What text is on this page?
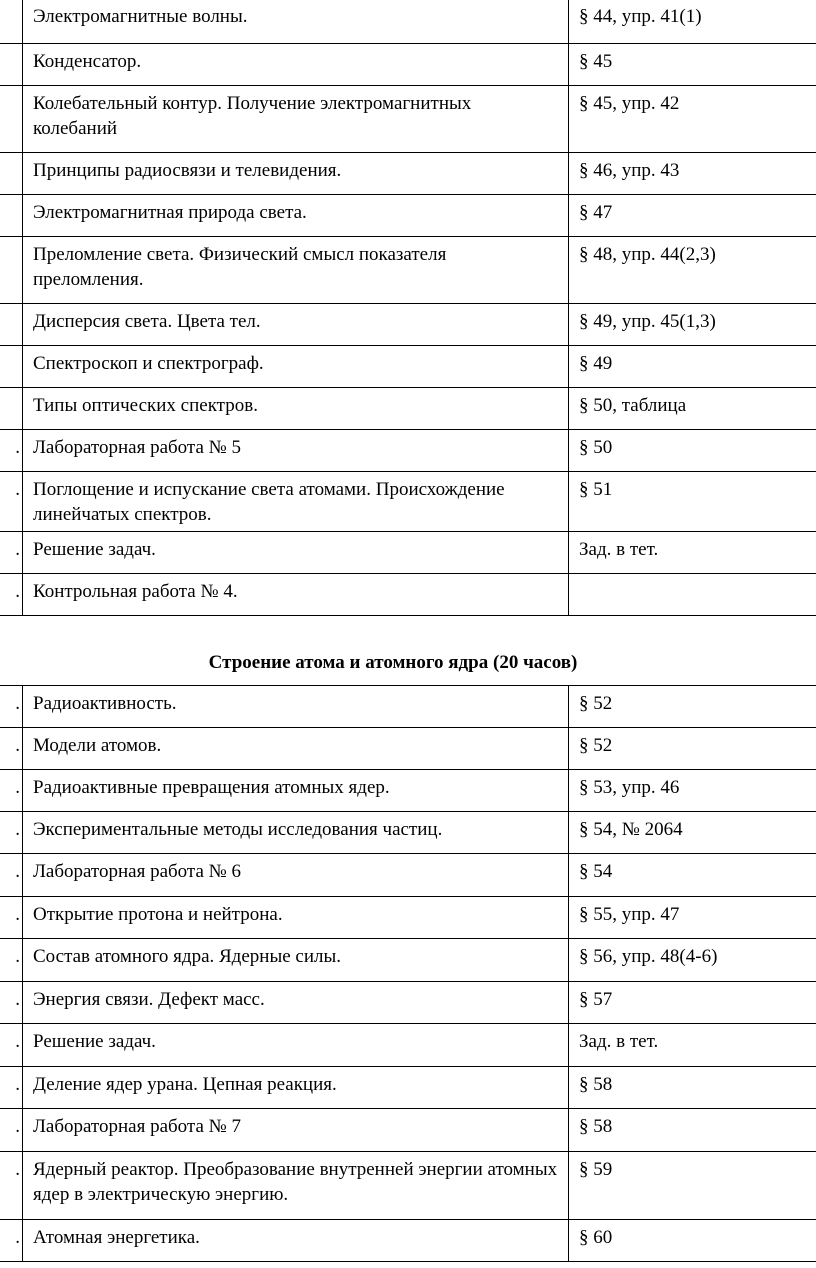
	Электромагнитные волны.	§ 44, упр. 41(1)
	Конденсатор.	§ 45
	Колебательный контур. Получение электромагнитных колебаний	§ 45, упр. 42
	Принципы радиосвязи и телевидения.	§ 46, упр. 43
	Электромагнитная природа света.	§ 47
	Преломление света. Физический смысл показателя преломления.	§ 48, упр. 44(2,3)
	Дисперсия света. Цвета тел.	§ 49, упр. 45(1,3)
	Спектроскоп и спектрограф.	§ 49
	Типы оптических спектров.	§ 50, таблица
.	Лабораторная работа № 5	§ 50
.	Поглощение и испускание света атомами. Происхождение линейчатых спектров.	§ 51
.	Решение задач.	Зад. в тет.
.	Контрольная работа № 4.	

Строение атома и атомного ядра (20 часов)

.	Радиоактивность.	§ 52
.	Модели атомов.	§ 52
.	Радиоактивные превращения атомных ядер.	§ 53, упр. 46
.	Экспериментальные методы исследования частиц.	§ 54, № 2064
.	Лабораторная работа № 6	§ 54
.	Открытие протона и нейтрона.	§ 55, упр. 47
.	Состав атомного ядра. Ядерные силы.	§ 56, упр. 48(4-6)
.	Энергия связи. Дефект масс.	§ 57
.	Решение задач.	Зад. в тет.
.	Деление ядер урана. Цепная реакция.	§ 58
.	Лабораторная работа № 7	§ 58
.	Ядерный реактор. Преобразование внутренней энергии атомных ядер в электрическую энергию.	§ 59
.	Атомная энергетика.	§ 60
